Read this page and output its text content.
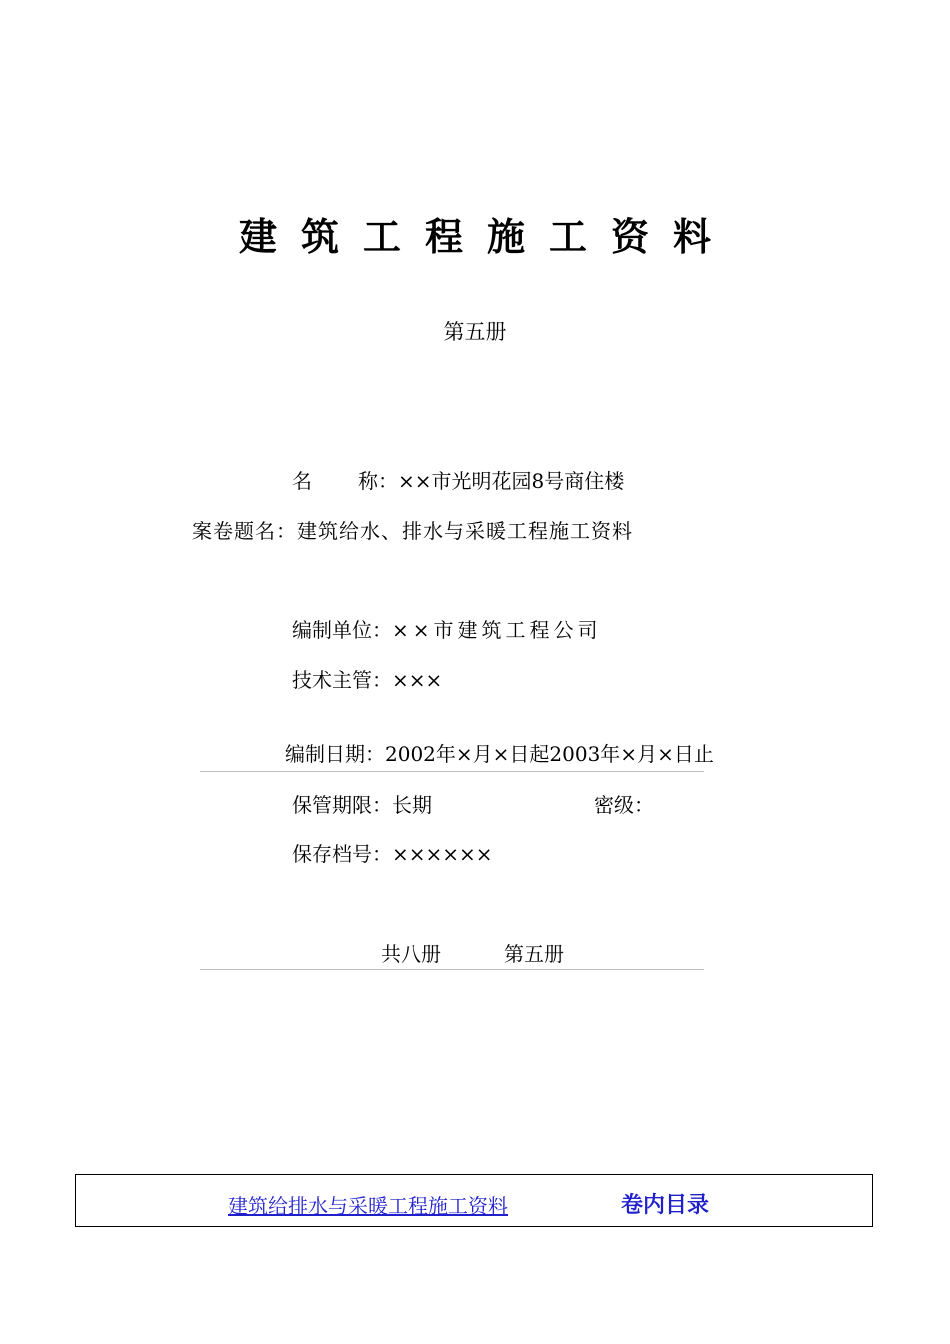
建筑工程施工资料
第五册
名 称：××市光明花园8号商住楼
案卷题名：建筑给水、排水与采暖工程施工资料
编制单位：××市建筑工程公司
技术主管：×××
编制日期：2002年×月×日起2003年×月×日止
保管期限：长期	密级：
保存档号：××××××
共八册	第五册
建筑给排水与采暖工程施工资料	卷内目录
